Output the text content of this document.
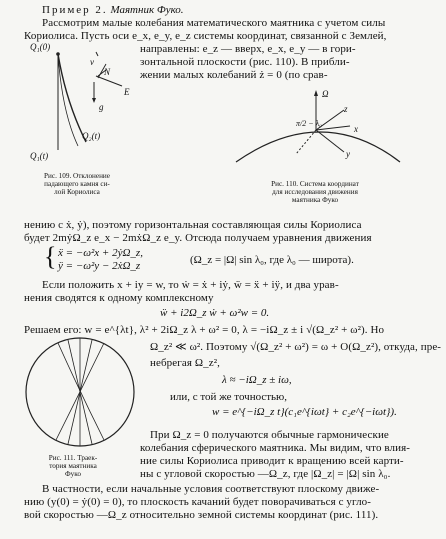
Пример 2. Маятник Фуко.
Рассмотрим малые колебания математического маятника с учетом силы
Кориолиса. Пусть оси e_x, e_y, e_z системы координат, связанной с Землей,
направлены: e_z — вверх, e_x, e_y — в гори-
зонтальной плоскости (рис. 110). В прибли-
жении малых колебаний ż = 0 (по срав-
Q₁(0)
v
N
E
g
Q₂(t)
Q₁(t)
Рис. 109. Отклонение
падающего камня си-
лой Кориолиса
Ω
z
π/2 − λ₀
x
y
Рис. 110. Система координат
для исследования движения
маятника Фуко
нению с ẋ, ẏ), поэтому горизонтальная составляющая силы Кориолиса
будет 2mẏΩ_z e_x − 2mẋΩ_z e_y. Отсюда получаем уравнения движения
{ ẍ = −ω²x + 2ẏΩ_z,
ÿ = −ω²y − 2ẋΩ_z	(Ω_z = |Ω| sin λ₀, где λ₀ — широта).
Если положить x + iy = w, то ẇ = ẋ + iẏ, ẅ = ẍ + iÿ, и два урав-
нения сводятся к одному комплексному
ẅ + i2Ω_z ẇ + ω²w = 0.
Решаем его: w = e^{λt}, λ² + 2iΩ_z λ + ω² = 0, λ = −iΩ_z ± i √(Ω_z² + ω²). Но
Ω_z² ≪ ω². Поэтому √(Ω_z² + ω²) = ω + O(Ω_z²), откуда, пре-
небрегая Ω_z²,
λ ≈ −iΩ_z ± iω,
или, с той же точностью,
w = e^{−iΩ_z t}(c₁e^{iωt} + c₂e^{−iωt}).
Рис. 111. Траек-
тория маятника
Фуко
При Ω_z = 0 получаются обычные гармонические
колебания сферического маятника. Мы видим, что влия-
ние силы Кориолиса приводит к вращению всей карти-
ны с угловой скоростью —Ω_z, где |Ω_z| = |Ω| sin λ₀.
В частности, если начальные условия соответствуют плоскому движе-
нию (y(0) = ẏ(0) = 0), то плоскость качаний будет поворачиваться с угло-
вой скоростью —Ω_z относительно земной системы координат (рис. 111).
